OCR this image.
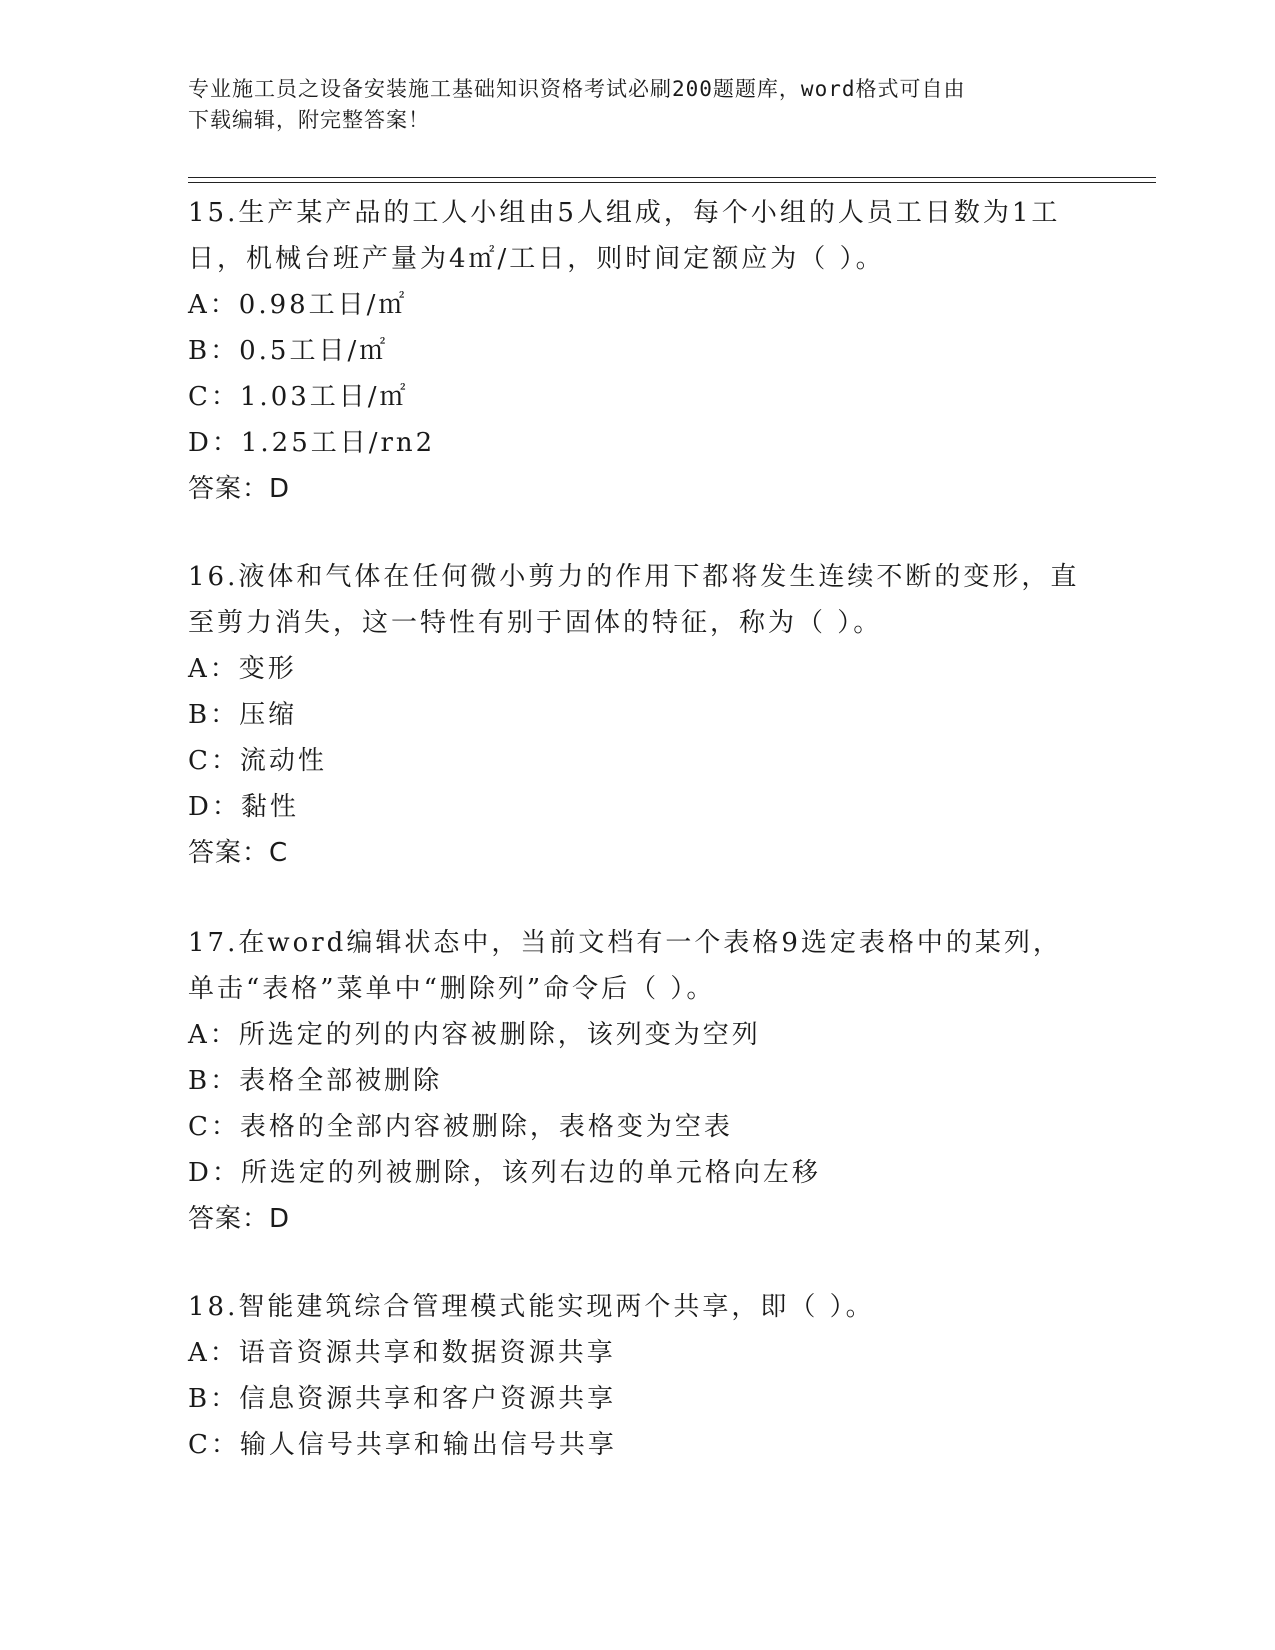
专业施工员之设备安装施工基础知识资格考试必刷200题题库，word格式可自由
下载编辑，附完整答案！

15.生产某产品的工人小组由5人组成，每个小组的人员工日数为1工

日，机械台班产量为4㎡/工日，则时间定额应为（ ）。

A：0.98工日/㎡

B：0.5工日/㎡

C：1.03工日/㎡

D：1.25工日/rn2

答案：D

16.液体和气体在任何微小剪力的作用下都将发生连续不断的变形，直

至剪力消失，这一特性有别于固体的特征，称为（ ）。

A：变形

B：压缩

C：流动性

D：黏性

答案：C

17.在word编辑状态中，当前文档有一个表格9选定表格中的某列，

单击“表格”菜单中“删除列”命令后（ ）。

A：所选定的列的内容被删除，该列变为空列

B：表格全部被删除

C：表格的全部内容被删除，表格变为空表

D：所选定的列被删除，该列右边的单元格向左移

答案：D

18.智能建筑综合管理模式能实现两个共享，即（ ）。

A：语音资源共享和数据资源共享

B：信息资源共享和客户资源共享

C：输人信号共享和输出信号共享
